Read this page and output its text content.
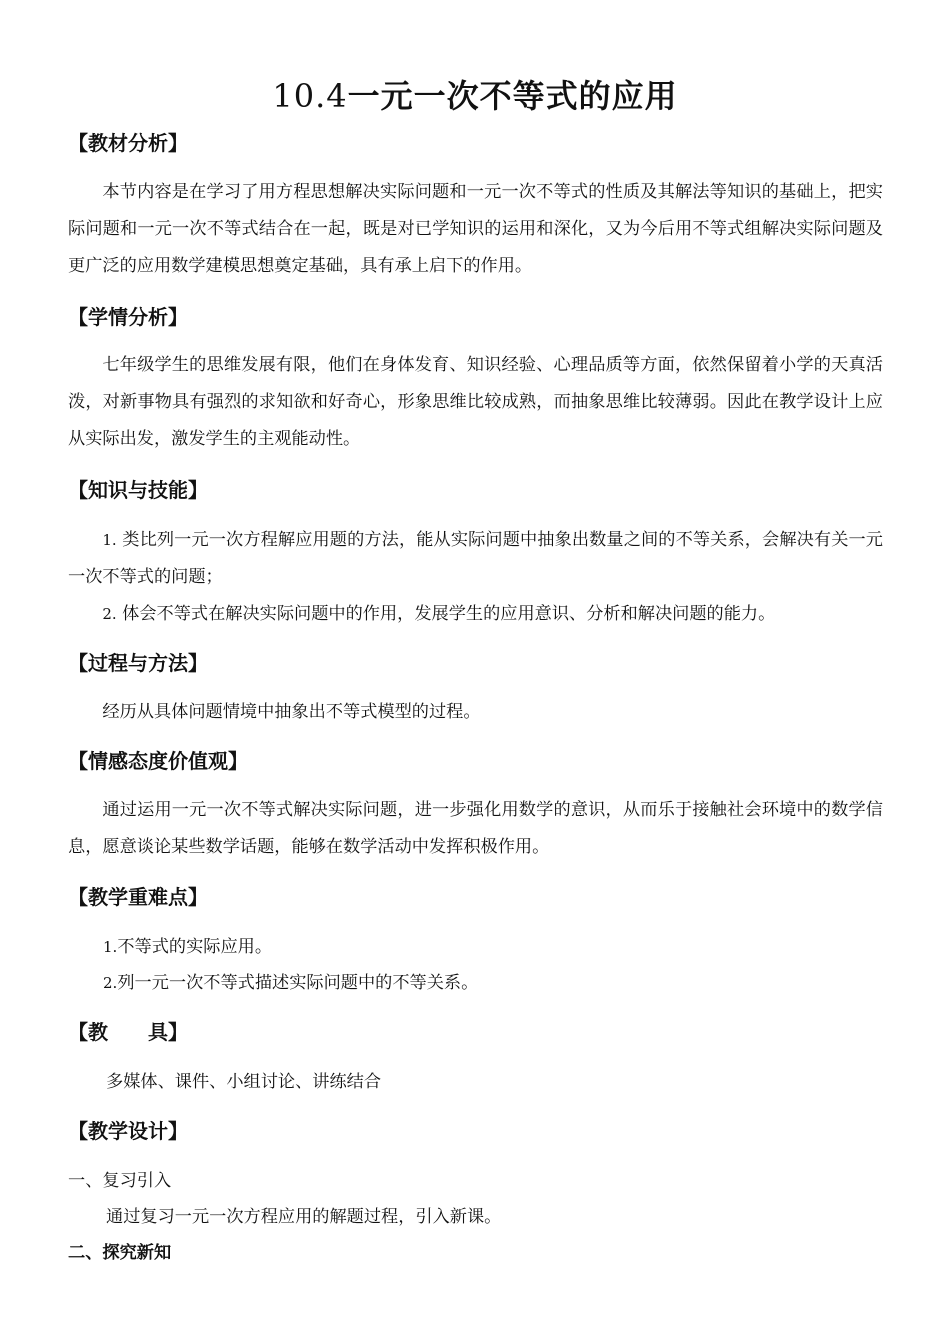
10.4一元一次不等式的应用
【教材分析】

本节内容是在学习了用方程思想解决实际问题和一元一次不等式的性质及其解法等知识的基础上，把实际问题和一元一次不等式结合在一起，既是对已学知识的运用和深化，又为今后用不等式组解决实际问题及更广泛的应用数学建模思想奠定基础，具有承上启下的作用。

【学情分析】

七年级学生的思维发展有限，他们在身体发育、知识经验、心理品质等方面，依然保留着小学的天真活泼，对新事物具有强烈的求知欲和好奇心，形象思维比较成熟，而抽象思维比较薄弱。因此在教学设计上应从实际出发，激发学生的主观能动性。

【知识与技能】

1. 类比列一元一次方程解应用题的方法，能从实际问题中抽象出数量之间的不等关系，会解决有关一元一次不等式的问题；

2. 体会不等式在解决实际问题中的作用，发展学生的应用意识、分析和解决问题的能力。

【过程与方法】

经历从具体问题情境中抽象出不等式模型的过程。

【情感态度价值观】

通过运用一元一次不等式解决实际问题，进一步强化用数学的意识，从而乐于接触社会环境中的数学信息，愿意谈论某些数学话题，能够在数学活动中发挥积极作用。

【教学重难点】
1.不等式的实际应用。
2.列一元一次不等式描述实际问题中的不等关系。
【教　　具】
多媒体、课件、小组讨论、讲练结合
【教学设计】
一、复习引入
通过复习一元一次方程应用的解题过程，引入新课。
二、探究新知
